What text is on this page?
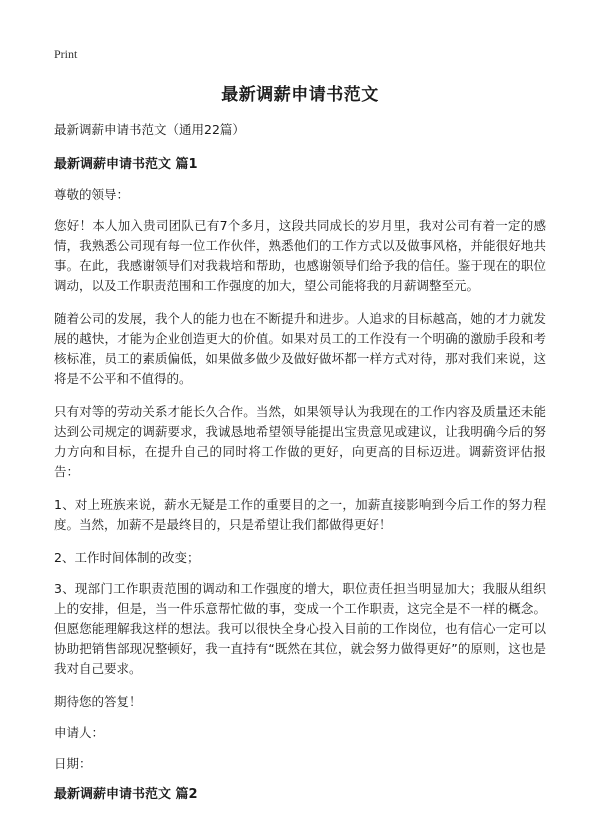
Print
最新调薪申请书范文

最新调薪申请书范文（通用22篇）

最新调薪申请书范文 篇1

尊敬的领导：

您好！本人加入贵司团队已有7个多月，这段共同成长的岁月里，我对公司有着一定的感情，我熟悉公司现有每一位工作伙伴，熟悉他们的工作方式以及做事风格，并能很好地共事。在此，我感谢领导们对我栽培和帮助，也感谢领导们给予我的信任。鉴于现在的职位调动，以及工作职责范围和工作强度的加大，望公司能将我的月薪调整至元。

随着公司的发展，我个人的能力也在不断提升和进步。人追求的目标越高，她的才力就发展的越快，才能为企业创造更大的价值。如果对员工的工作没有一个明确的激励手段和考核标准，员工的素质偏低，如果做多做少及做好做坏都一样方式对待，那对我们来说，这将是不公平和不值得的。

只有对等的劳动关系才能长久合作。当然，如果领导认为我现在的工作内容及质量还未能达到公司规定的调薪要求，我诚恳地希望领导能提出宝贵意见或建议，让我明确今后的努力方向和目标，在提升自己的同时将工作做的更好，向更高的目标迈进。调薪资评估报告：

1、对上班族来说，薪水无疑是工作的重要目的之一，加薪直接影响到今后工作的努力程度。当然，加薪不是最终目的，只是希望让我们都做得更好！

2、工作时间体制的改变；

3、现部门工作职责范围的调动和工作强度的增大，职位责任担当明显加大；我服从组织上的安排，但是，当一件乐意帮忙做的事，变成一个工作职责，这完全是不一样的概念。但愿您能理解我这样的想法。我可以很快全身心投入目前的工作岗位，也有信心一定可以协助把销售部现况整顿好，我一直持有“既然在其位，就会努力做得更好”的原则，这也是我对自己要求。

期待您的答复！

申请人：

日期：

最新调薪申请书范文 篇2
